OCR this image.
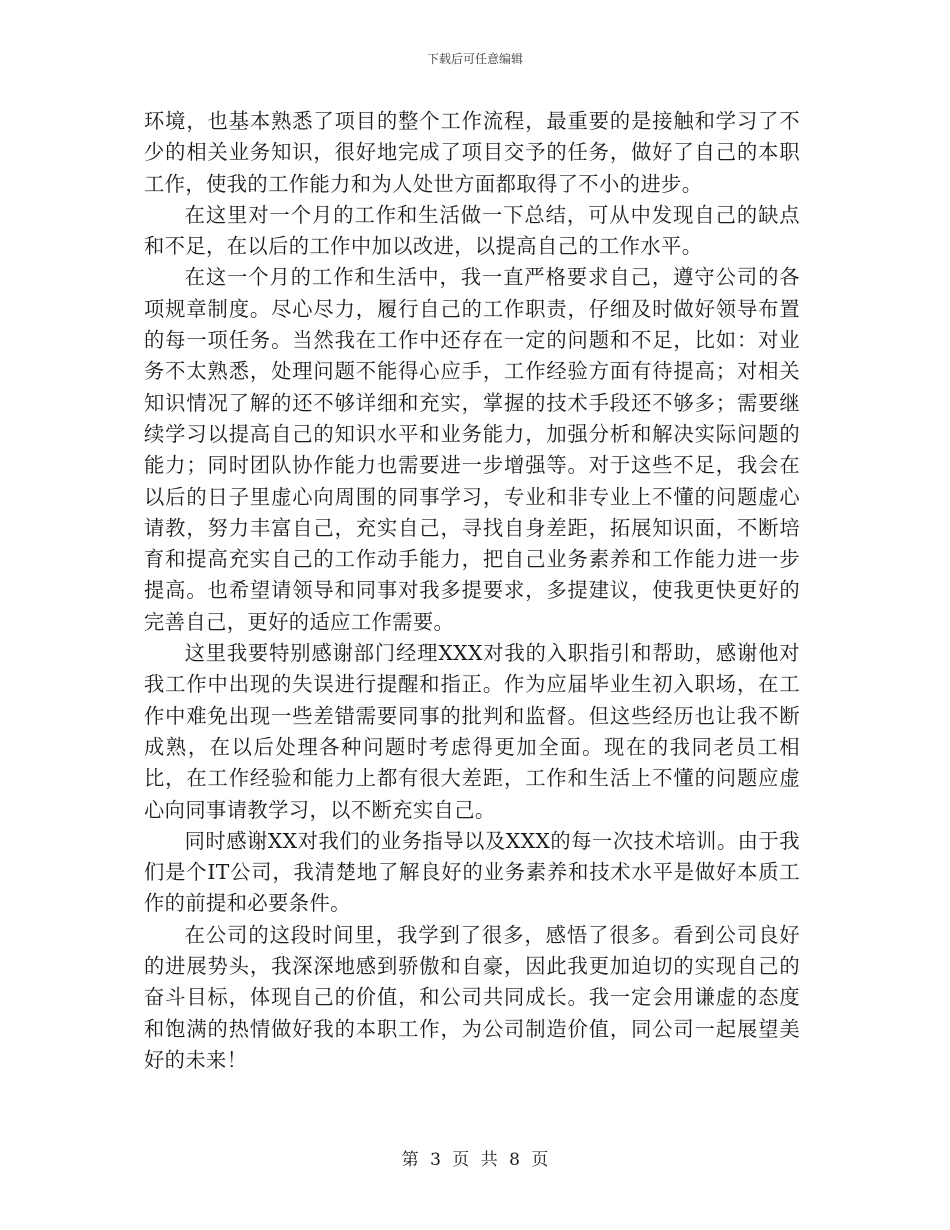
下载后可任意编辑

环境，也基本熟悉了项目的整个工作流程，最重要的是接触和学习了不少的相关业务知识，很好地完成了项目交予的任务，做好了自己的本职工作，使我的工作能力和为人处世方面都取得了不小的进步。

在这里对一个月的工作和生活做一下总结，可从中发现自己的缺点和不足，在以后的工作中加以改进，以提高自己的工作水平。

在这一个月的工作和生活中，我一直严格要求自己，遵守公司的各项规章制度。尽心尽力，履行自己的工作职责，仔细及时做好领导布置的每一项任务。当然我在工作中还存在一定的问题和不足，比如：对业务不太熟悉，处理问题不能得心应手，工作经验方面有待提高；对相关知识情况了解的还不够详细和充实，掌握的技术手段还不够多；需要继续学习以提高自己的知识水平和业务能力，加强分析和解决实际问题的能力；同时团队协作能力也需要进一步增强等。对于这些不足，我会在以后的日子里虚心向周围的同事学习，专业和非专业上不懂的问题虚心请教，努力丰富自己，充实自己，寻找自身差距，拓展知识面，不断培育和提高充实自己的工作动手能力，把自己业务素养和工作能力进一步提高。也希望请领导和同事对我多提要求，多提建议，使我更快更好的完善自己，更好的适应工作需要。

这里我要特别感谢部门经理XXX对我的入职指引和帮助，感谢他对我工作中出现的失误进行提醒和指正。作为应届毕业生初入职场，在工作中难免出现一些差错需要同事的批判和监督。但这些经历也让我不断成熟，在以后处理各种问题时考虑得更加全面。现在的我同老员工相比，在工作经验和能力上都有很大差距，工作和生活上不懂的问题应虚心向同事请教学习，以不断充实自己。

同时感谢XX对我们的业务指导以及XXX的每一次技术培训。由于我们是个IT公司，我清楚地了解良好的业务素养和技术水平是做好本质工作的前提和必要条件。

在公司的这段时间里，我学到了很多，感悟了很多。看到公司良好的进展势头，我深深地感到骄傲和自豪，因此我更加迫切的实现自己的奋斗目标，体现自己的价值，和公司共同成长。我一定会用谦虚的态度和饱满的热情做好我的本职工作，为公司制造价值，同公司一起展望美好的未来！

第 3 页 共 8 页
